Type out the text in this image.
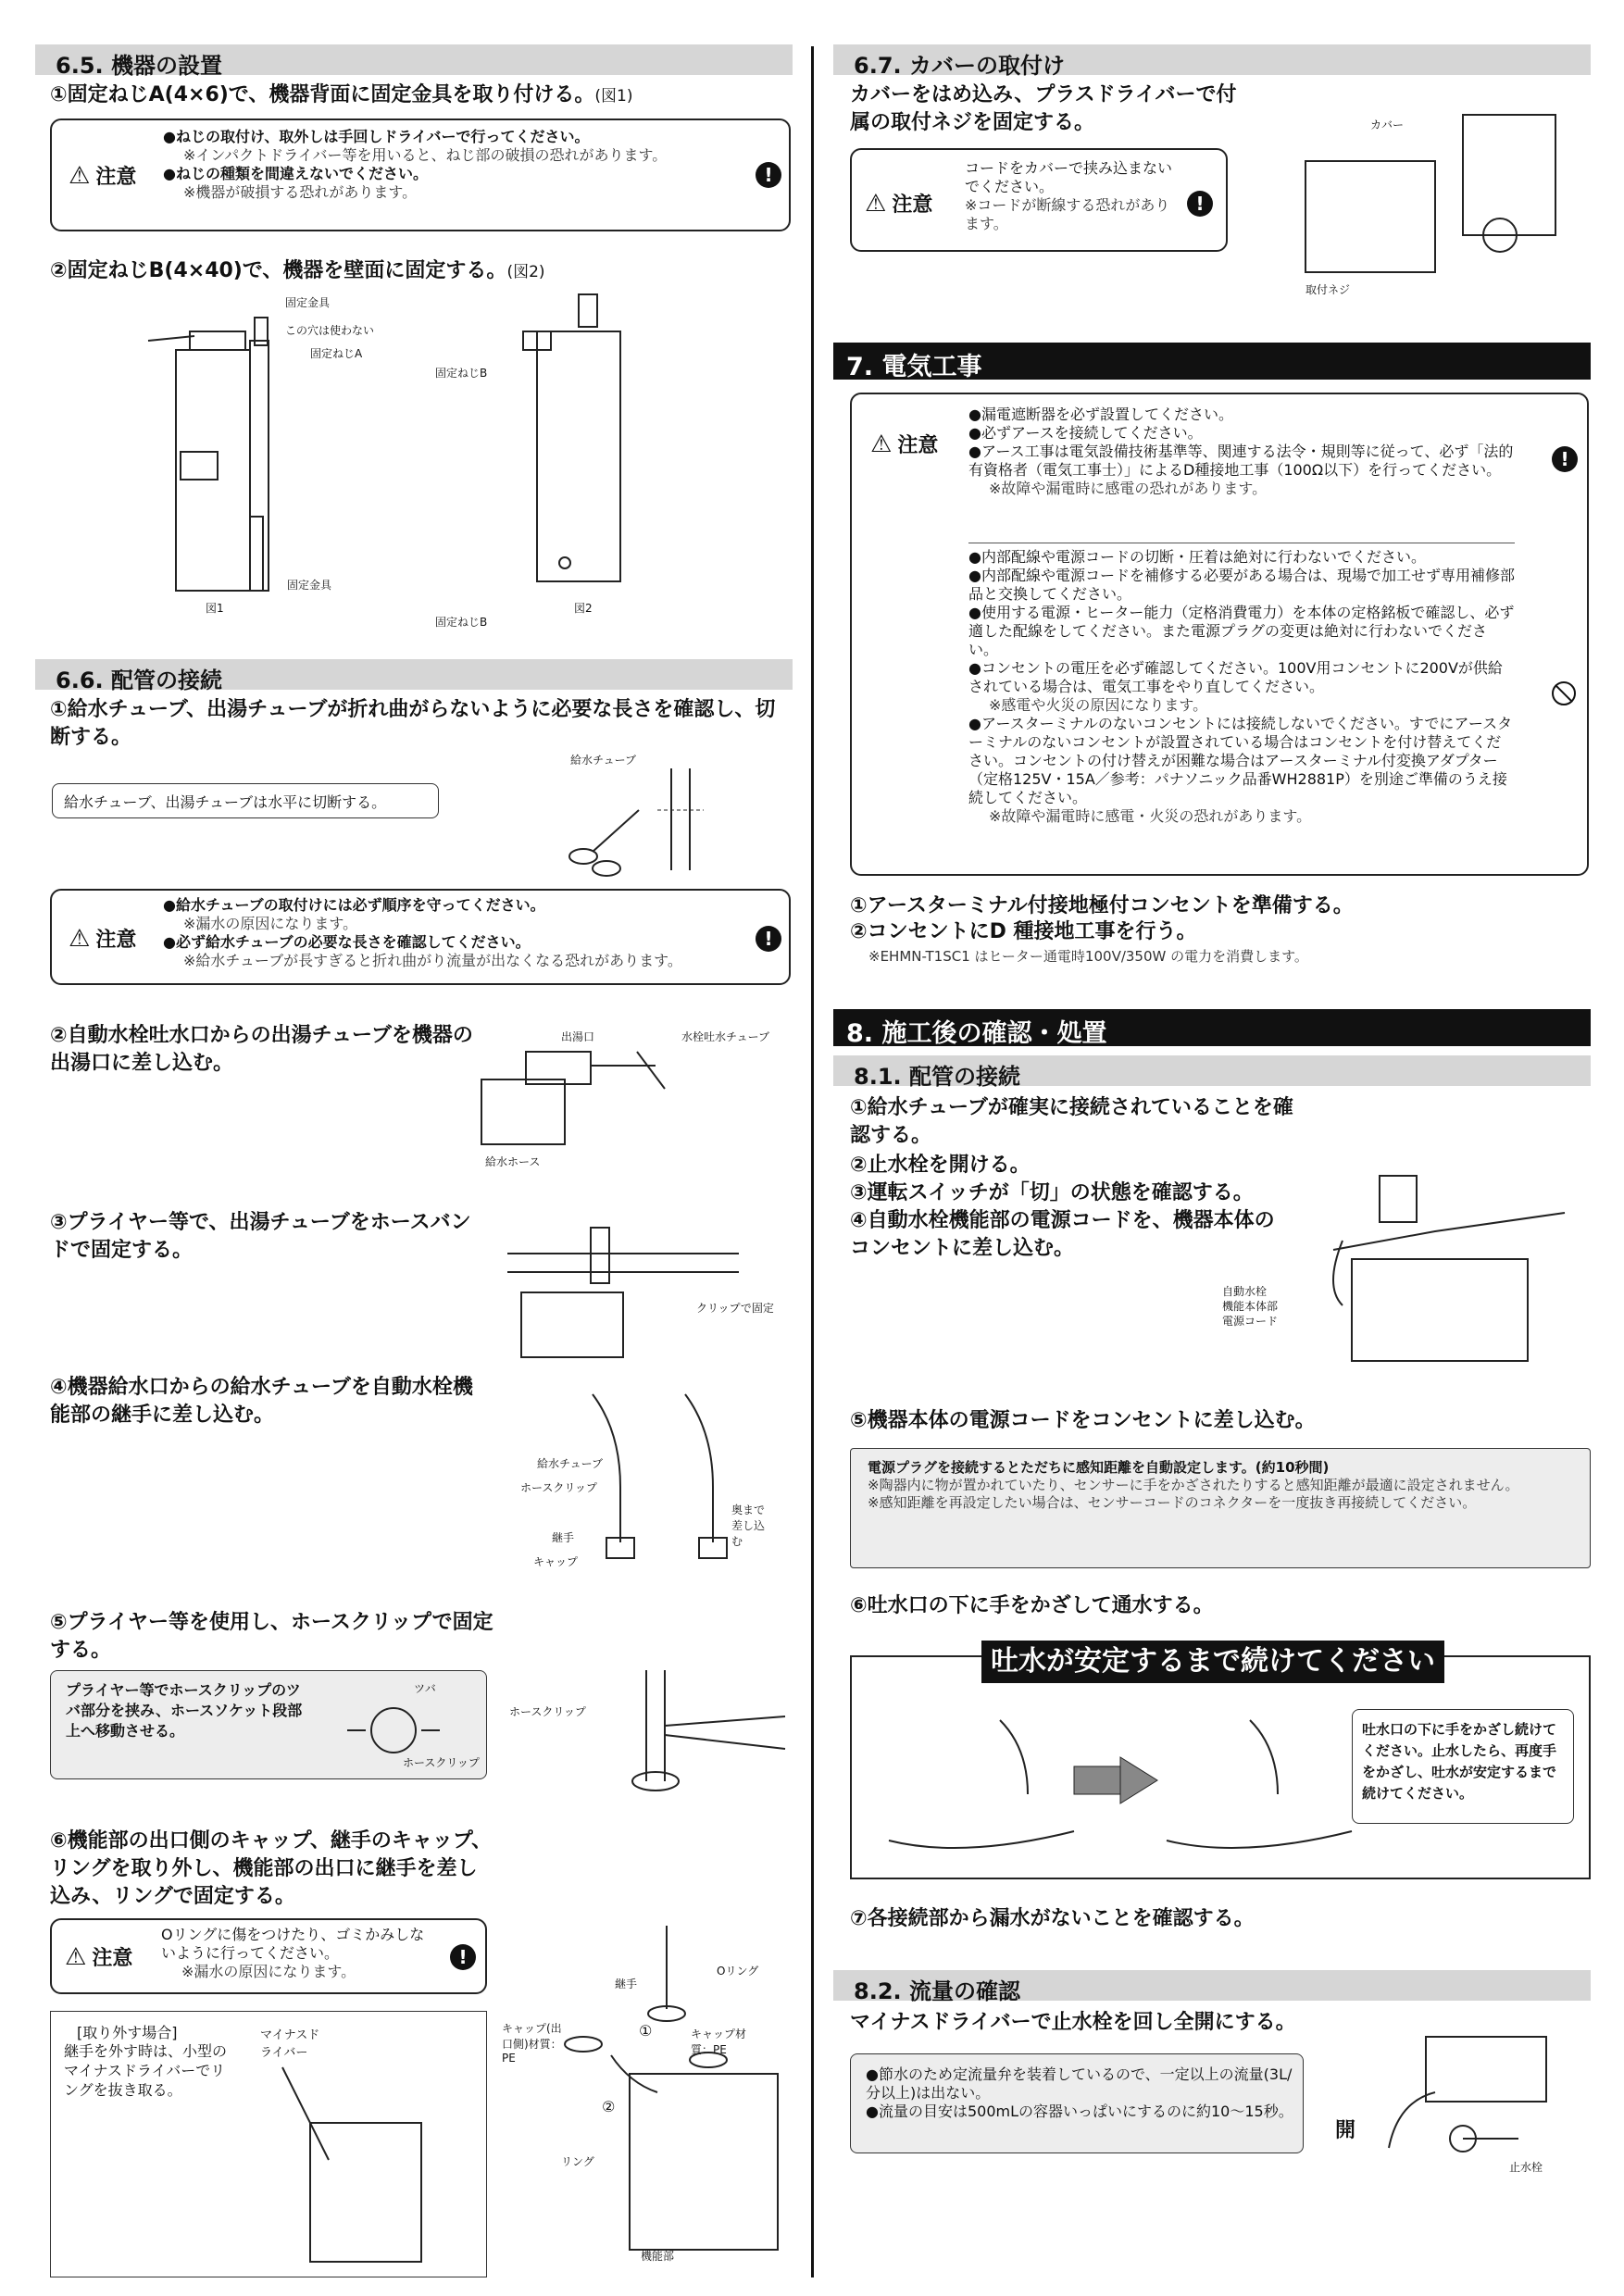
6.5. 機器の設置
①固定ねじA(4×6)で、機器背面に固定金具を取り付ける。(図1)
⚠ 注意
●ねじの取付け、取外しは手回しドライバーで行ってください。
※インパクトドライバー等を用いると、ねじ部の破損の恐れがあります。
●ねじの種類を間違えないでください。
※機器が破損する恐れがあります。
!
②固定ねじB(4×40)で、機器を壁面に固定する。(図2)
固定金具
この穴は使わない
固定ねじA
固定金具
図1
固定ねじB
固定ねじB
図2
6.6. 配管の接続
①給水チューブ、出湯チューブが折れ曲がらないように必要な長さを確認し、切断する。
給水チューブ、出湯チューブは水平に切断する。
給水チューブ
⚠ 注意
●給水チューブの取付けには必ず順序を守ってください。
※漏水の原因になります。
●必ず給水チューブの必要な長さを確認してください。
※給水チューブが長すぎると折れ曲がり流量が出なくなる恐れがあります。
!
②自動水栓吐水口からの出湯チューブを機器の出湯口に差し込む。
出湯口	水栓吐水チューブ
給水ホース
③プライヤー等で、出湯チューブをホースバンドで固定する。
クリップで固定
④機器給水口からの給水チューブを自動水栓機能部の継手に差し込む。
給水チューブ
ホースクリップ
奥まで差し込む
継手
キャップ
⑤プライヤー等を使用し、ホースクリップで固定する。
プライヤー等でホースクリップのツバ部分を挟み、ホースソケット段部上へ移動させる。
ツバ
ホースクリップ
ホースクリップ
⑥機能部の出口側のキャップ、継手のキャップ、リングを取り外し、機能部の出口に継手を差し込み、リングで固定する。
⚠ 注意
Oリングに傷をつけたり、ゴミかみしないように行ってください。
※漏水の原因になります。
!
[取り外す場合]
継手を外す時は、小型のマイナスドライバーでリングを抜き取る。
マイナスドライバー
継手
Oリング
キャップ(出口側)材質：PE
キャップ材質：PE
①
②
リング
機能部
6.7. カバーの取付け
カバーをはめ込み、プラスドライバーで付属の取付ネジを固定する。
⚠ 注意
コードをカバーで挟み込まないでください。
※コードが断線する恐れがあります。
!
カバー
取付ネジ
7. 電気工事
⚠ 注意
●漏電遮断器を必ず設置してください。
●必ずアースを接続してください。
●アース工事は電気設備技術基準等、関連する法令・規則等に従って、必ず「法的有資格者（電気工事士）」によるD種接地工事（100Ω以下）を行ってください。
※故障や漏電時に感電の恐れがあります。
!
●内部配線や電源コードの切断・圧着は絶対に行わないでください。
●内部配線や電源コードを補修する必要がある場合は、現場で加工せず専用補修部品と交換してください。
●使用する電源・ヒーター能力（定格消費電力）を本体の定格銘板で確認し、必ず適した配線をしてください。また電源プラグの変更は絶対に行わないでください。
●コンセントの電圧を必ず確認してください。100V用コンセントに200Vが供給されている場合は、電気工事をやり直してください。
※感電や火災の原因になります。
●アースターミナルのないコンセントには接続しないでください。すでにアースターミナルのないコンセントが設置されている場合はコンセントを付け替えてください。コンセントの付け替えが困難な場合はアースターミナル付変換アダプター（定格125V・15A／参考：パナソニック品番WH2881P）を別途ご準備のうえ接続してください。
※故障や漏電時に感電・火災の恐れがあります。
①アースターミナル付接地極付コンセントを準備する。
②コンセントにD 種接地工事を行う。
※EHMN-T1SC1 はヒーター通電時100V/350W の電力を消費します。
8. 施工後の確認・処置
8.1. 配管の接続
①給水チューブが確実に接続されていることを確認する。
②止水栓を開ける。
③運転スイッチが「切」の状態を確認する。
④自動水栓機能部の電源コードを、機器本体のコンセントに差し込む。
自動水栓
機能本体部
電源コード
⑤機器本体の電源コードをコンセントに差し込む。
電源プラグを接続するとただちに感知距離を自動設定します。(約10秒間)
※陶器内に物が置かれていたり、センサーに手をかざされたりすると感知距離が最適に設定されません。
※感知距離を再設定したい場合は、センサーコードのコネクターを一度抜き再接続してください。
⑥吐水口の下に手をかざして通水する。
吐水が安定するまで続けてください
吐水口の下に手をかざし続けてください。止水したら、再度手をかざし、吐水が安定するまで続けてください。
⑦各接続部から漏水がないことを確認する。
8.2. 流量の確認
マイナスドライバーで止水栓を回し全開にする。
●節水のため定流量弁を装着しているので、一定以上の流量(3L/分以上)は出ない。
●流量の目安は500mLの容器いっぱいにするのに約10～15秒。
開
止水栓
